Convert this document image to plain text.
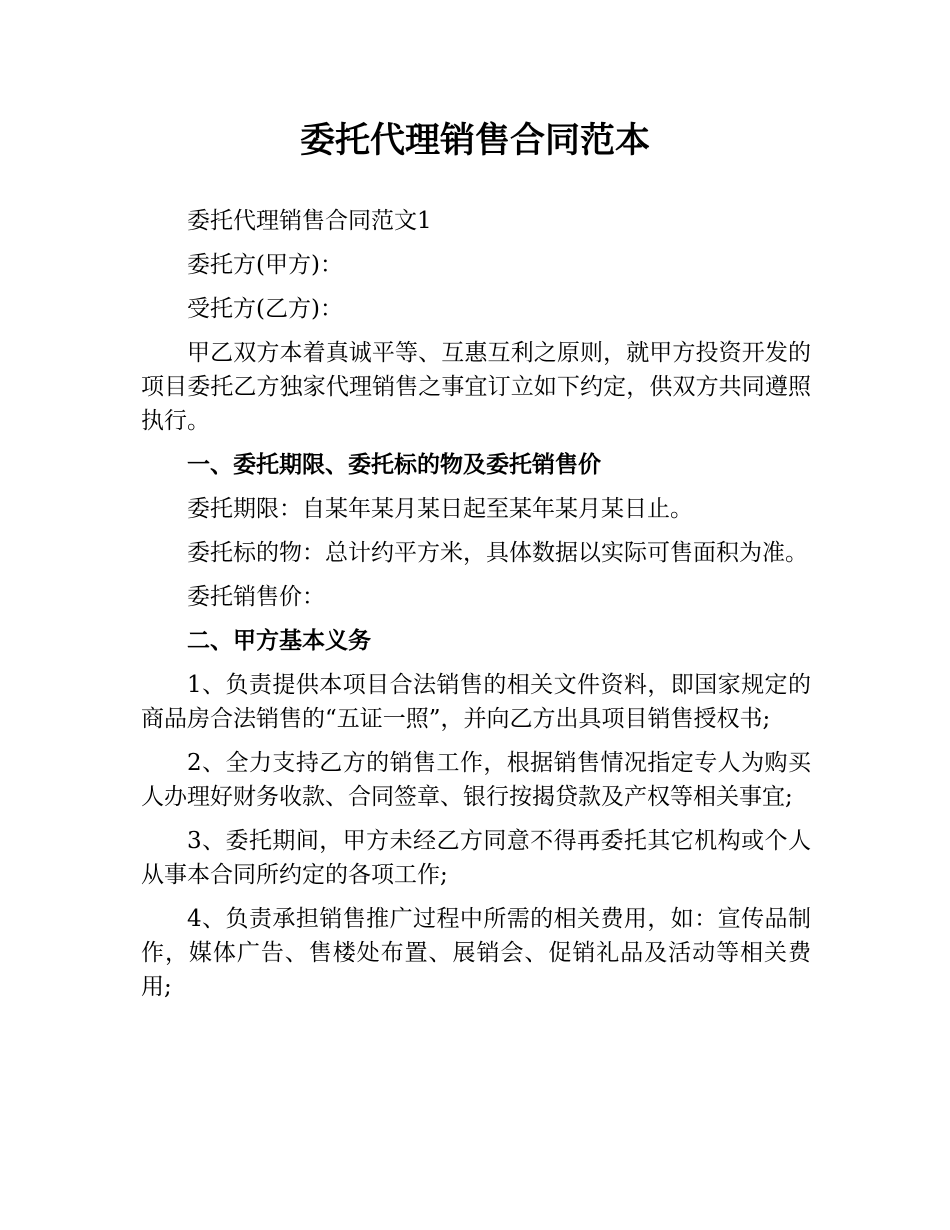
委托代理销售合同范本

委托代理销售合同范文1

委托方(甲方)：

受托方(乙方)：

甲乙双方本着真诚平等、互惠互利之原则，就甲方投资开发的项目委托乙方独家代理销售之事宜订立如下约定，供双方共同遵照执行。

一、委托期限、委托标的物及委托销售价

委托期限：自某年某月某日起至某年某月某日止。

委托标的物：总计约平方米，具体数据以实际可售面积为准。

委托销售价：

二、甲方基本义务

1、负责提供本项目合法销售的相关文件资料，即国家规定的商品房合法销售的“五证一照”，并向乙方出具项目销售授权书;

2、全力支持乙方的销售工作，根据销售情况指定专人为购买人办理好财务收款、合同签章、银行按揭贷款及产权等相关事宜;

3、委托期间，甲方未经乙方同意不得再委托其它机构或个人从事本合同所约定的各项工作;

4、负责承担销售推广过程中所需的相关费用，如：宣传品制作，媒体广告、售楼处布置、展销会、促销礼品及活动等相关费用;
